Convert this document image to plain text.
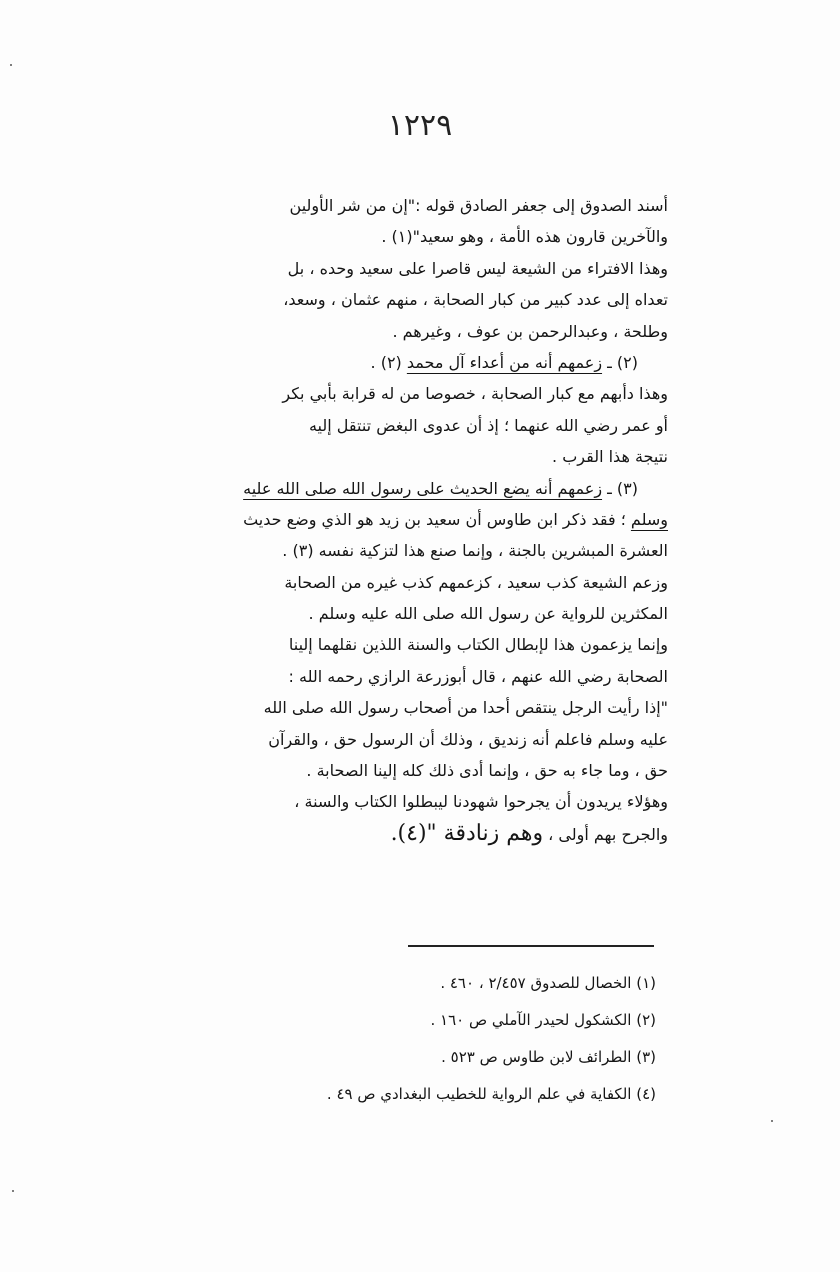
١٢٢٩
أسند الصدوق إلى جعفر الصادق قوله :"إن من شر الأولين
والآخرين قارون هذه الأمة ، وهو سعيد"(١) .
وهذا الافتراء من الشيعة ليس قاصرا على سعيد وحده ، بل
تعداه إلى عدد كبير من كبار الصحابة ، منهم عثمان ، وسعد،
وطلحة ، وعبدالرحمن بن عوف ، وغيرهم .
(٢) ـ زعمهم أنه من أعداء آل محمد (٢) .
وهذا دأبهم مع كبار الصحابة ، خصوصا من له قرابة بأبي بكر
أو عمر رضي الله عنهما ؛ إذ أن عدوى البغض تنتقل إليه
نتيجة هذا القرب .
(٣) ـ زعمهم أنه يضع الحديث على رسول الله صلى الله عليه
وسلم ؛ فقد ذكر ابن طاوس أن سعيد بن زيد هو الذي وضع حديث
العشرة المبشرين بالجنة ، وإنما صنع هذا لتزكية نفسه (٣) .
وزعم الشيعة كذب سعيد ، كزعمهم كذب غيره من الصحابة
المكثرين للرواية عن رسول الله صلى الله عليه وسلم .
وإنما يزعمون هذا لإبطال الكتاب والسنة اللذين نقلهما إلينا
الصحابة رضي الله عنهم ، قال أبوزرعة الرازي رحمه الله :
"إذا رأيت الرجل ينتقص أحدا من أصحاب رسول الله صلى الله
عليه وسلم فاعلم أنه زنديق ، وذلك أن الرسول حق ، والقرآن
حق ، وما جاء به حق ، وإنما أدى ذلك كله إلينا الصحابة .
وهؤلاء يريدون أن يجرحوا شهودنا ليبطلوا الكتاب والسنة ،
والجرح بهم أولى ، وهم زنادقة "(٤).
(١) الخصال للصدوق ٢/٤٥٧ ، ٤٦٠ .
(٢) الكشكول لحيدر الآملي ص ١٦٠ .
(٣) الطرائف لابن طاوس ص ٥٢٣ .
(٤) الكفاية في علم الرواية للخطيب البغدادي ص ٤٩ .
